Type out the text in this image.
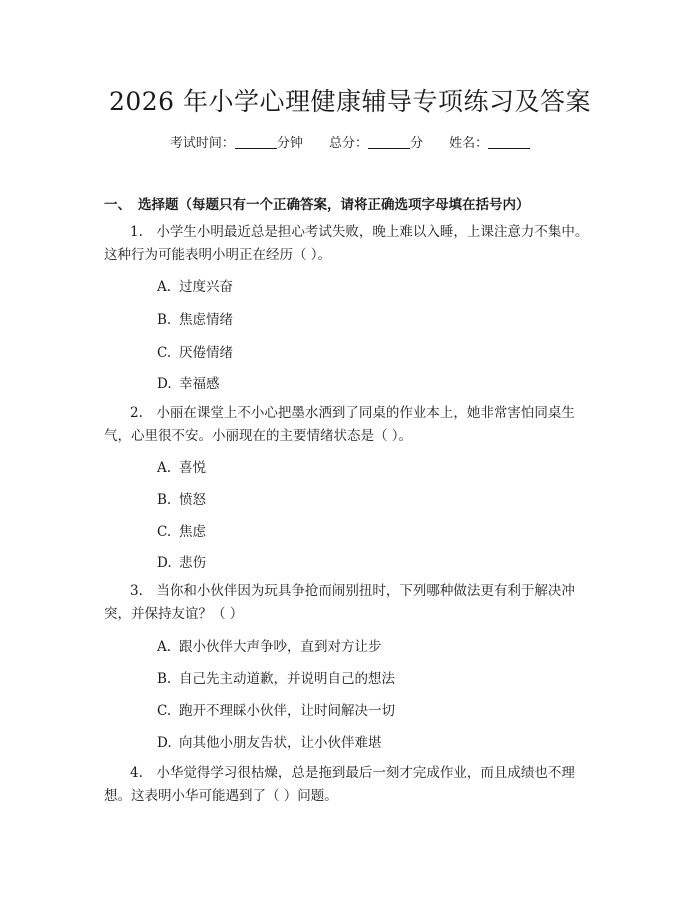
2026 年小学心理健康辅导专项练习及答案
考试时间：	分钟 总分：	分 姓名：
一、 选择题（每题只有一个正确答案，请将正确选项字母填在括号内）
1.　小学生小明最近总是担心考试失败，晚上难以入睡，上课注意力不集中。这种行为可能表明小明正在经历（ ）。
A. 过度兴奋
B. 焦虑情绪
C. 厌倦情绪
D. 幸福感
2.　小丽在课堂上不小心把墨水洒到了同桌的作业本上，她非常害怕同桌生气，心里很不安。小丽现在的主要情绪状态是（ ）。
A. 喜悦
B. 愤怒
C. 焦虑
D. 悲伤
3.　当你和小伙伴因为玩具争抢而闹别扭时，下列哪种做法更有利于解决冲突，并保持友谊？（ ）
A. 跟小伙伴大声争吵，直到对方让步
B. 自己先主动道歉，并说明自己的想法
C. 跑开不理睬小伙伴，让时间解决一切
D. 向其他小朋友告状，让小伙伴难堪
4.　小华觉得学习很枯燥，总是拖到最后一刻才完成作业，而且成绩也不理想。这表明小华可能遇到了（ ）问题。
